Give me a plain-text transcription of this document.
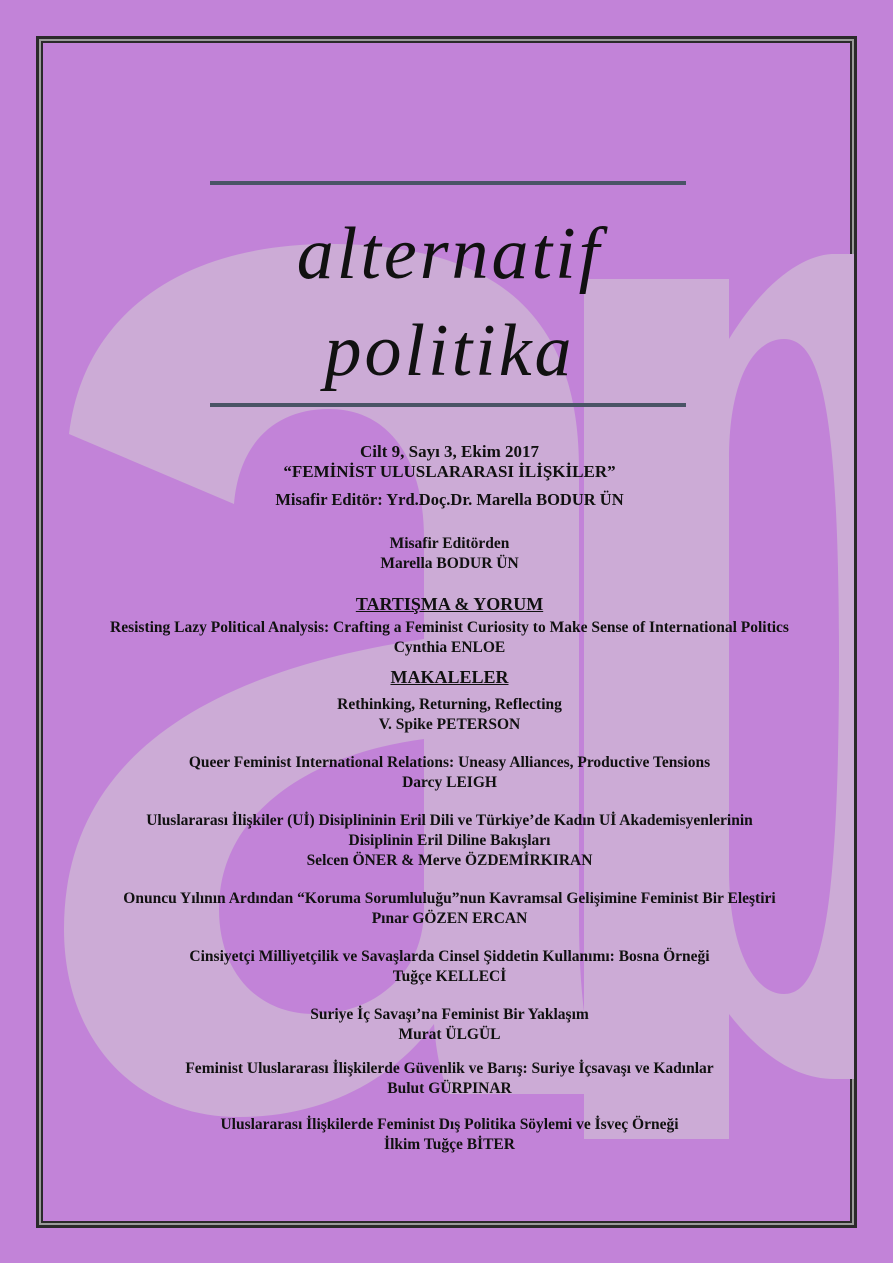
alternatif
politika
Cilt 9, Sayı 3, Ekim 2017
“FEMİNİST ULUSLARARASI İLİŞKİLER”
Misafir Editör: Yrd.Doç.Dr. Marella BODUR ÜN
Misafir Editörden
Marella BODUR ÜN
TARTIŞMA & YORUM
Resisting Lazy Political Analysis: Crafting a Feminist Curiosity to Make Sense of International Politics
Cynthia ENLOE
MAKALELER
Rethinking, Returning, Reflecting
V. Spike PETERSON
Queer Feminist International Relations: Uneasy Alliances, Productive Tensions
Darcy LEIGH
Uluslararası İlişkiler (Uİ) Disiplininin Eril Dili ve Türkiye’de Kadın Uİ Akademisyenlerinin
Disiplinin Eril Diline Bakışları
Selcen ÖNER & Merve ÖZDEMİRKIRAN
Onuncu Yılının Ardından “Koruma Sorumluluğu”nun Kavramsal Gelişimine Feminist Bir Eleştiri
Pınar GÖZEN ERCAN
Cinsiyetçi Milliyetçilik ve Savaşlarda Cinsel Şiddetin Kullanımı: Bosna Örneği
Tuğçe KELLECİ
Suriye İç Savaşı’na Feminist Bir Yaklaşım
Murat ÜLGÜL
Feminist Uluslararası İlişkilerde Güvenlik ve Barış: Suriye İçsavaşı ve Kadınlar
Bulut GÜRPINAR
Uluslararası İlişkilerde Feminist Dış Politika Söylemi ve İsveç Örneği
İlkim Tuğçe BİTER
